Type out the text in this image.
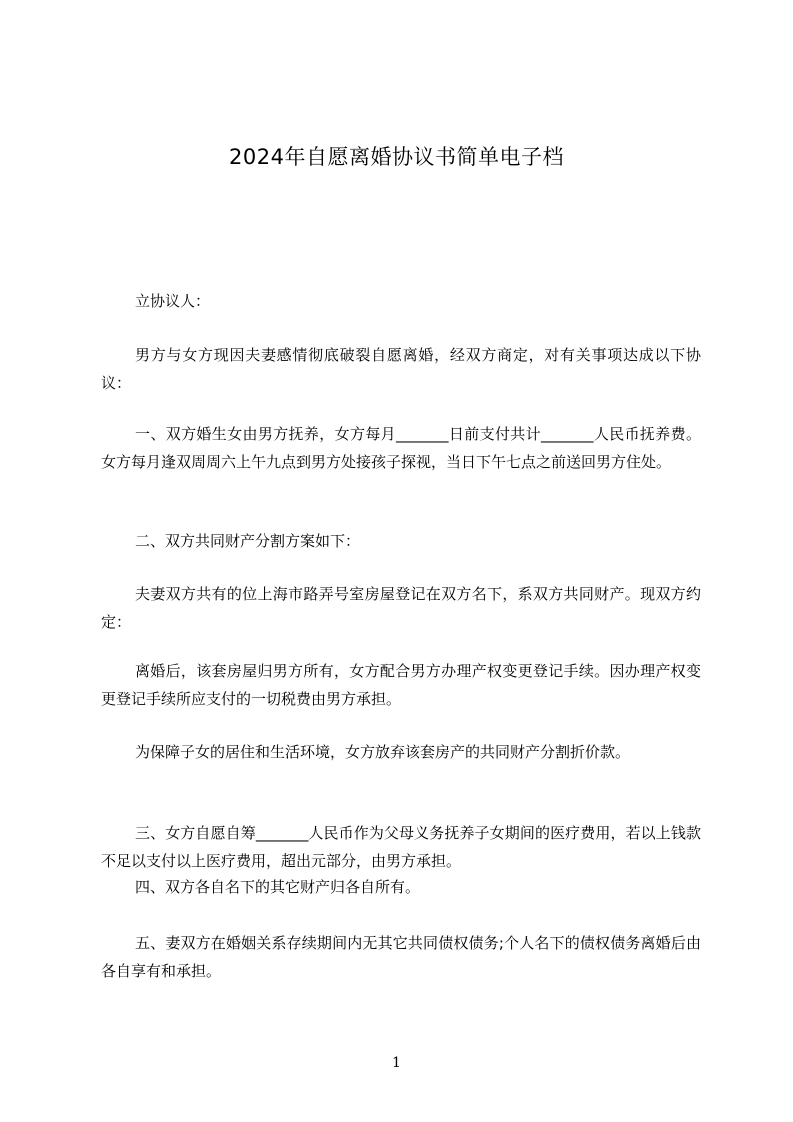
2024年自愿离婚协议书简单电子档
立协议人：
男方与女方现因夫妻感情彻底破裂自愿离婚，经双方商定，对有关事项达成以下协议：
一、双方婚生女由男方抚养，女方每月_______日前支付共计_______人民币抚养费。女方每月逢双周周六上午九点到男方处接孩子探视，当日下午七点之前送回男方住处。
二、双方共同财产分割方案如下：
夫妻双方共有的位上海市路弄号室房屋登记在双方名下，系双方共同财产。现双方约定：
离婚后，该套房屋归男方所有，女方配合男方办理产权变更登记手续。因办理产权变更登记手续所应支付的一切税费由男方承担。
为保障子女的居住和生活环境，女方放弃该套房产的共同财产分割折价款。
三、女方自愿自筹_______人民币作为父母义务抚养子女期间的医疗费用，若以上钱款不足以支付以上医疗费用，超出元部分，由男方承担。
四、双方各自名下的其它财产归各自所有。
五、妻双方在婚姻关系存续期间内无其它共同债权债务;个人名下的债权债务离婚后由各自享有和承担。
1
